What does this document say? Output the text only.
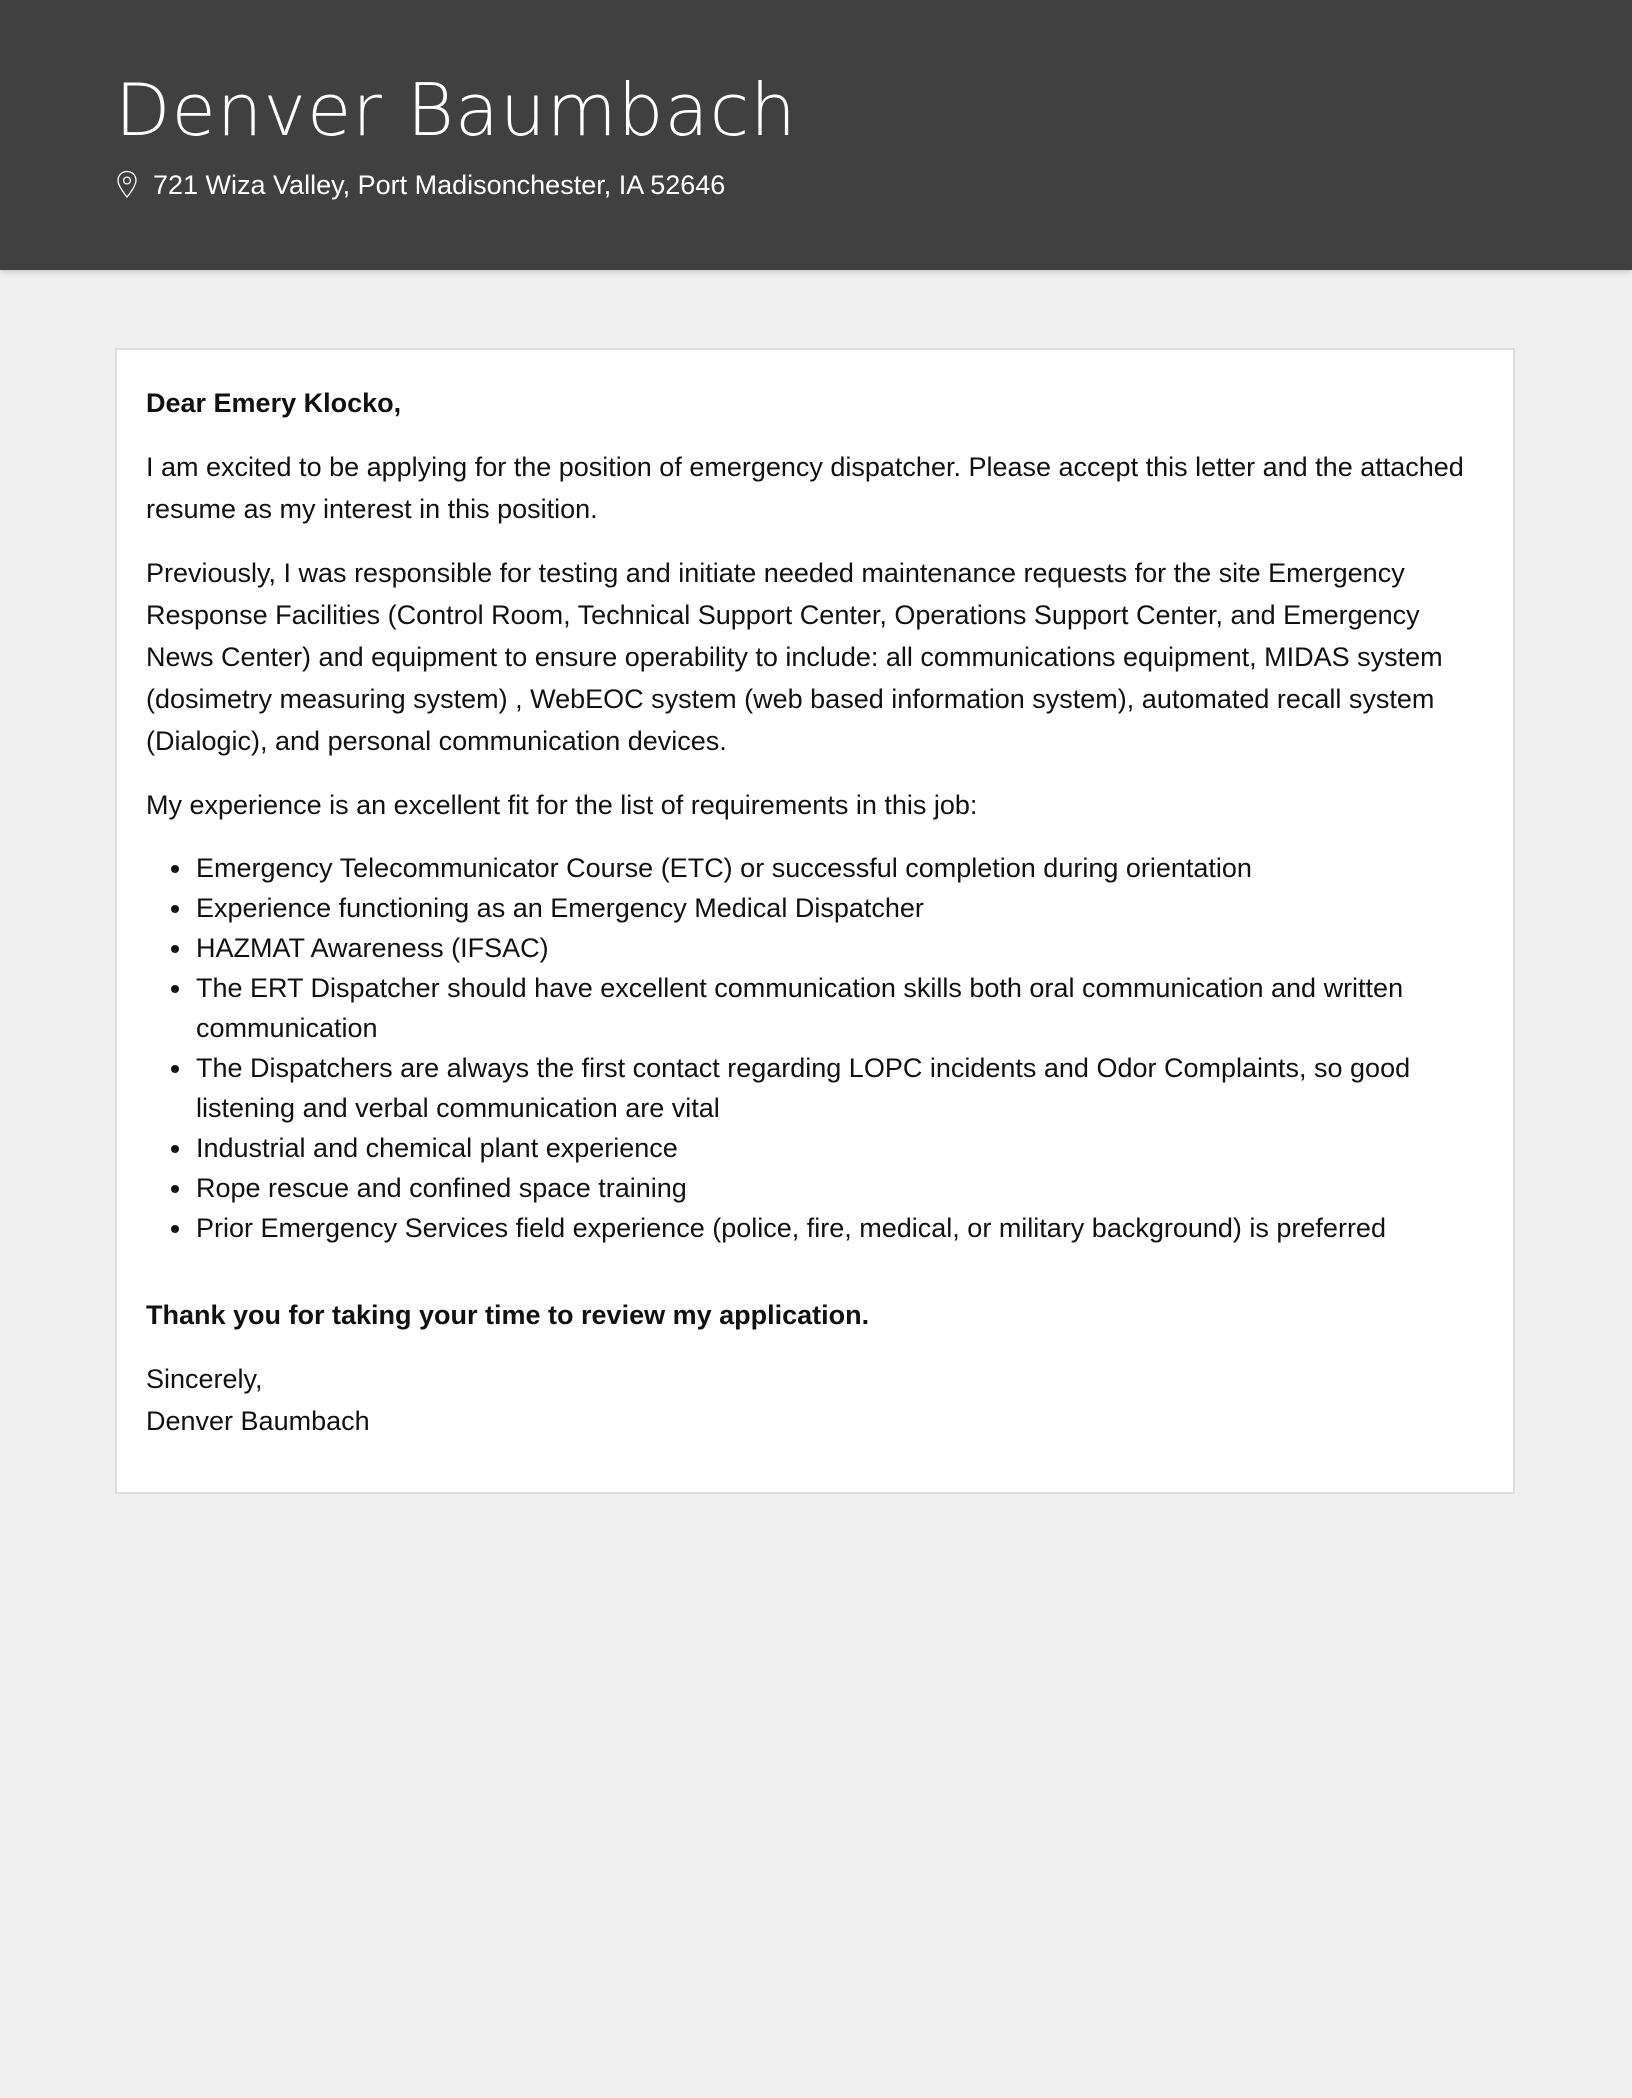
Denver Baumbach
721 Wiza Valley, Port Madisonchester, IA 52646

Dear Emery Klocko,

I am excited to be applying for the position of emergency dispatcher. Please accept this letter and the attached resume as my interest in this position.

Previously, I was responsible for testing and initiate needed maintenance requests for the site Emergency Response Facilities (Control Room, Technical Support Center, Operations Support Center, and Emergency News Center) and equipment to ensure operability to include: all communications equipment, MIDAS system (dosimetry measuring system) , WebEOC system (web based information system), automated recall system (Dialogic), and personal communication devices.

My experience is an excellent fit for the list of requirements in this job:

• Emergency Telecommunicator Course (ETC) or successful completion during orientation
• Experience functioning as an Emergency Medical Dispatcher
• HAZMAT Awareness (IFSAC)
• The ERT Dispatcher should have excellent communication skills both oral communication and written communication
• The Dispatchers are always the first contact regarding LOPC incidents and Odor Complaints, so good listening and verbal communication are vital
• Industrial and chemical plant experience
• Rope rescue and confined space training
• Prior Emergency Services field experience (police, fire, medical, or military background) is preferred

Thank you for taking your time to review my application.

Sincerely,

Denver Baumbach
